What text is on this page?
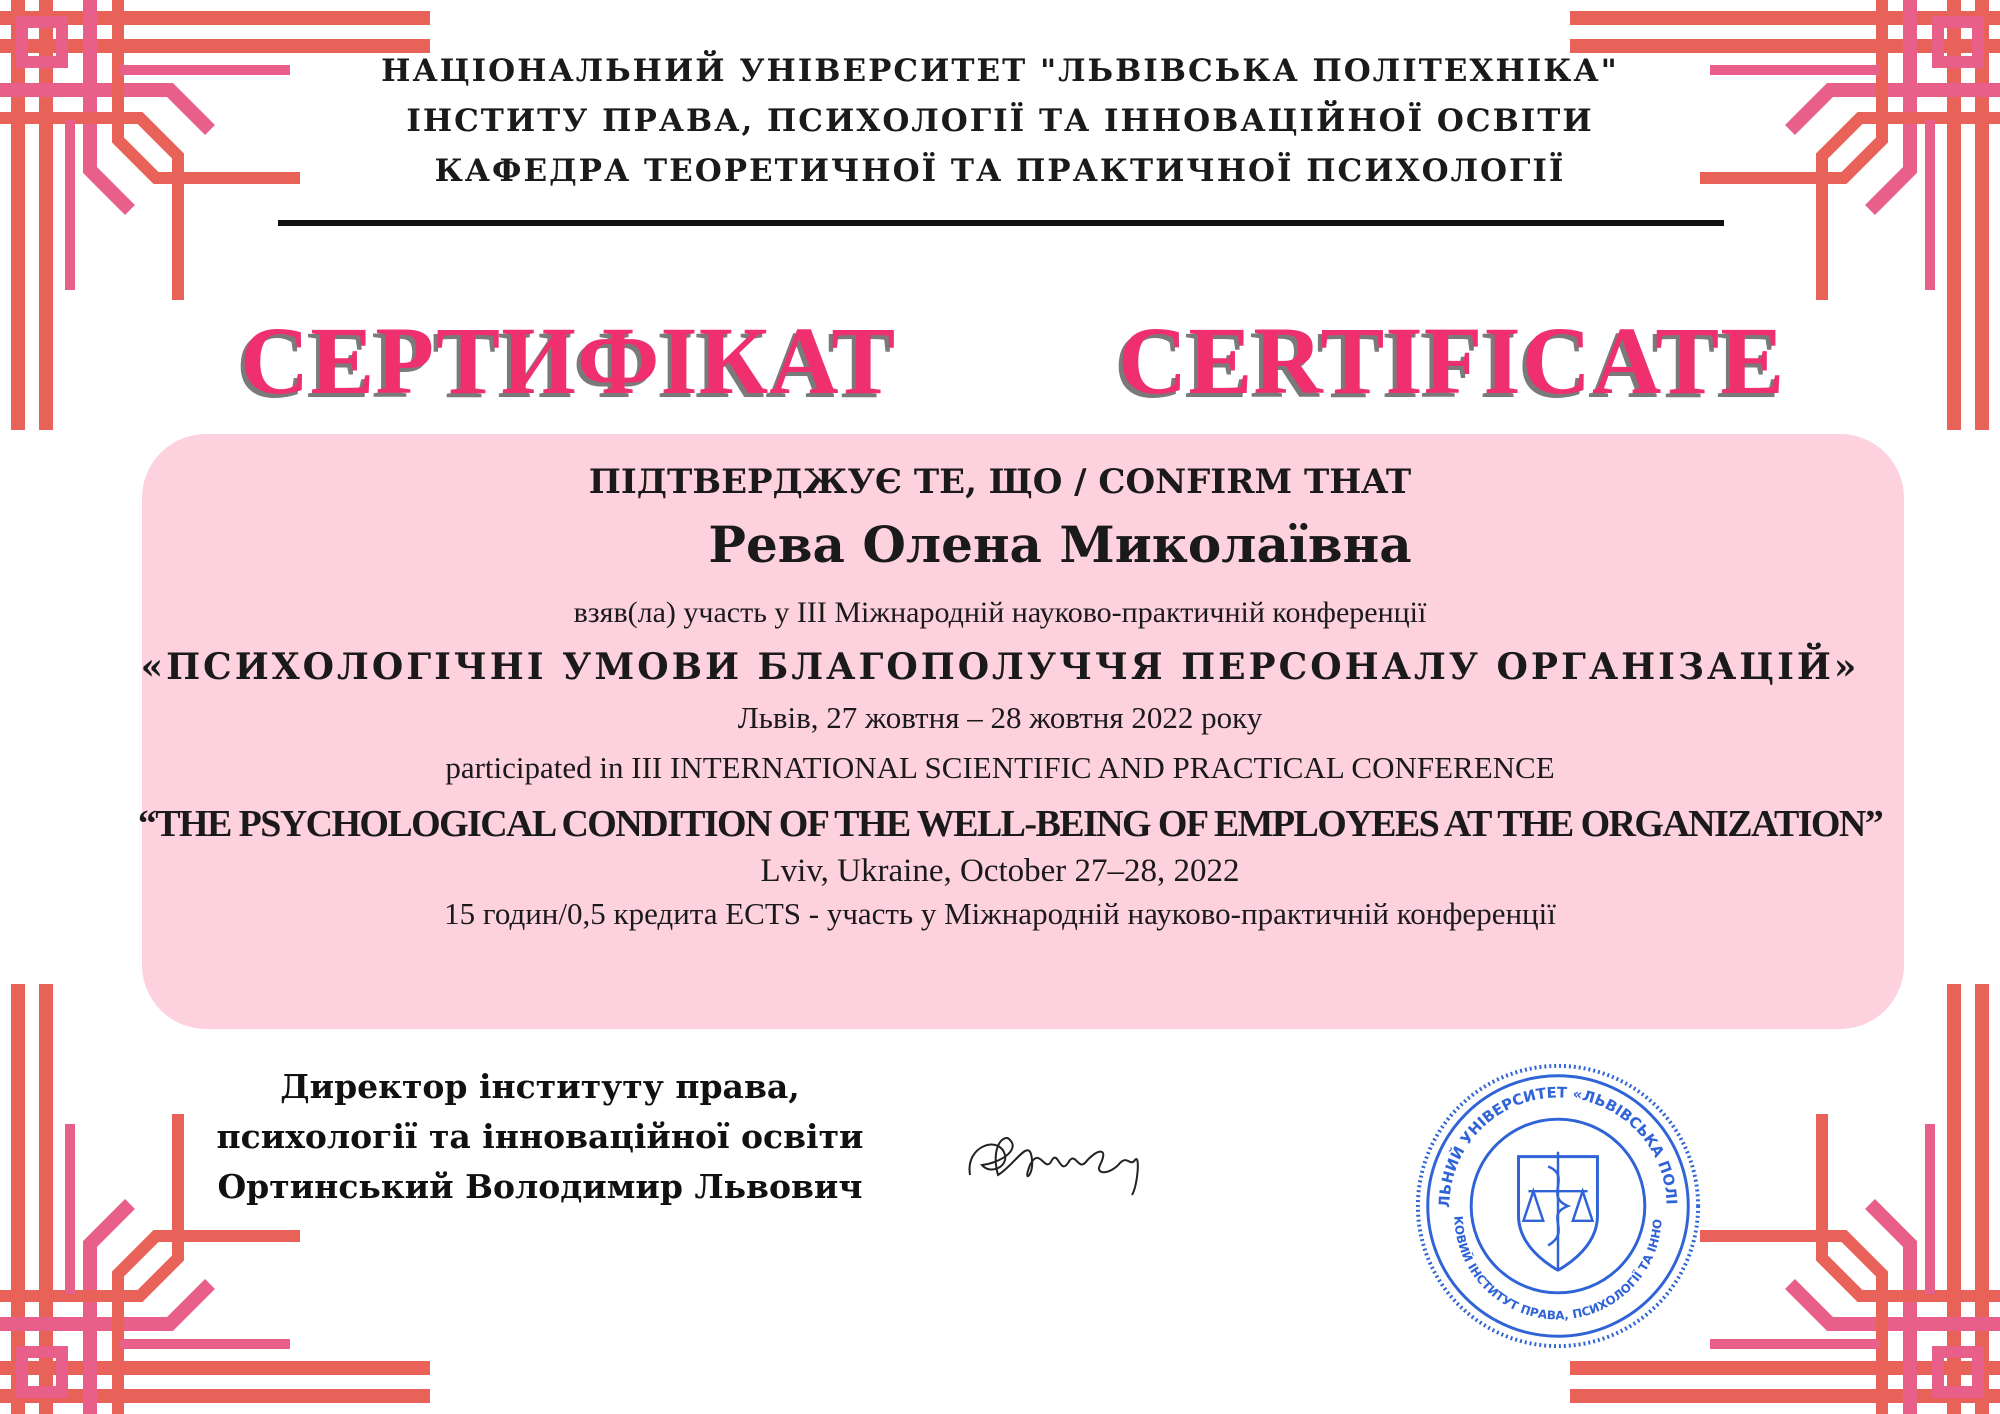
НАЦІОНАЛЬНИЙ УНІВЕРСИТЕТ "ЛЬВІВСЬКА ПОЛІТЕХНІКА"
ІНСТИТУ ПРАВА, ПСИХОЛОГІЇ ТА ІННОВАЦІЙНОЇ ОСВІТИ
КАФЕДРА ТЕОРЕТИЧНОЇ ТА ПРАКТИЧНОЇ ПСИХОЛОГІЇ
СЕРТИФІКАТ CERTIFICATE
ПІДТВЕРДЖУЄ ТЕ, ЩО / CONFIRM THAT
Рева Олена Миколаївна
взяв(ла) участь у ІІІ Міжнародній науково-практичній конференції
«ПСИХОЛОГІЧНІ УМОВИ БЛАГОПОЛУЧЧЯ ПЕРСОНАЛУ ОРГАНІЗАЦІЙ»
Львів, 27 жовтня – 28 жовтня 2022 року
participated in III INTERNATIONAL SCIENTIFIC AND PRACTICAL CONFERENCE
“THE PSYCHOLOGICAL CONDITION OF THE WELL-BEING OF EMPLOYEES AT THE ORGANIZATION”
Lviv, Ukraine, October 27–28, 2022
15 годин/0,5 кредита ECTS - участь у Міжнародній науково-практичній конференції
Директор інституту права,
психології та інноваційної освіти
Ортинський Володимир Львович	ЛЬНИЙ УНІВЕРСИТЕТ «ЛЬВІВСЬКА ПОЛІ
КОВИЙ ІНСТИТУТ ПРАВА, ПСИХОЛОГІЇ ТА ІННО
